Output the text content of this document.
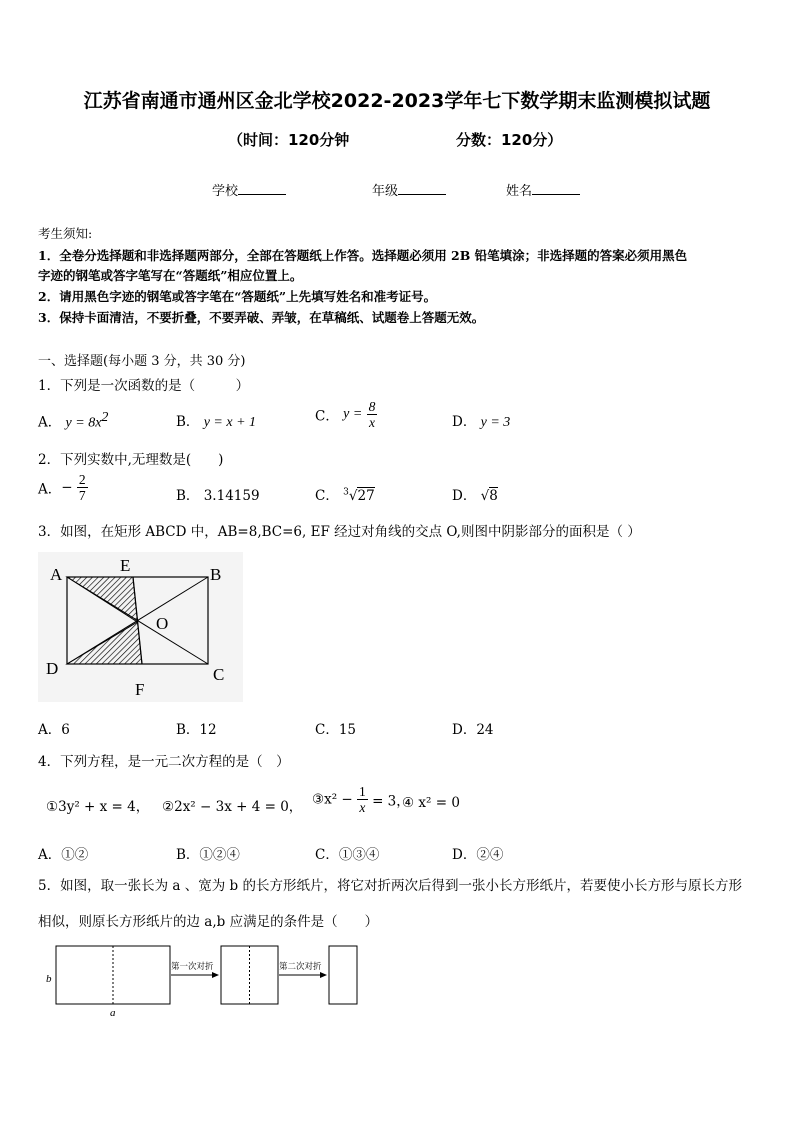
江苏省南通市通州区金北学校2022-2023学年七下数学期末监测模拟试题
（时间：120分钟	分数：120分）
学校	年级	姓名
考生须知:
1．全卷分选择题和非选择题两部分，全部在答题纸上作答。选择题必须用 2B 铅笔填涂；非选择题的答案必须用黑色
字迹的钢笔或答字笔写在“答题纸”相应位置上。
2．请用黑色字迹的钢笔或答字笔在“答题纸”上先填写姓名和准考证号。
3．保持卡面清洁，不要折叠，不要弄破、弄皱，在草稿纸、试题卷上答题无效。
一、选择题(每小题 3 分，共 30 分)
1．下列是一次函数的是（　　　）
A． $y = 8x^2$	B． y = x + 1	C． $y = \frac{8}{x}$	D． y = 3
2．下列实数中,无理数是(　　)
A．− $\frac{2}{7}$	B． 3.14159	C． $^3$√27	D． √8
3．如图，在矩形 ABCD 中，AB=8,BC=6, EF 经过对角线的交点 O,则图中阴影部分的面积是（ ）
A	E	B
O
D	C
F
A．6	B．12	C．15	D．24
4．下列方程，是一元二次方程的是（　）
①3y² + x = 4， ②2x² − 3x + 4 = 0， ③x² − $\frac{1}{x} = 3$，
④ x² = 0
A．①②	B．①②④	C．①③④	D．②④
5．如图，取一张长为 a 、宽为 b 的长方形纸片，将它对折两次后得到一张小长方形纸片，若要使小长方形与原长方形
相似，则原长方形纸片的边 a,b 应满足的条件是（　　）
b
a
第一次对折	第二次对折
